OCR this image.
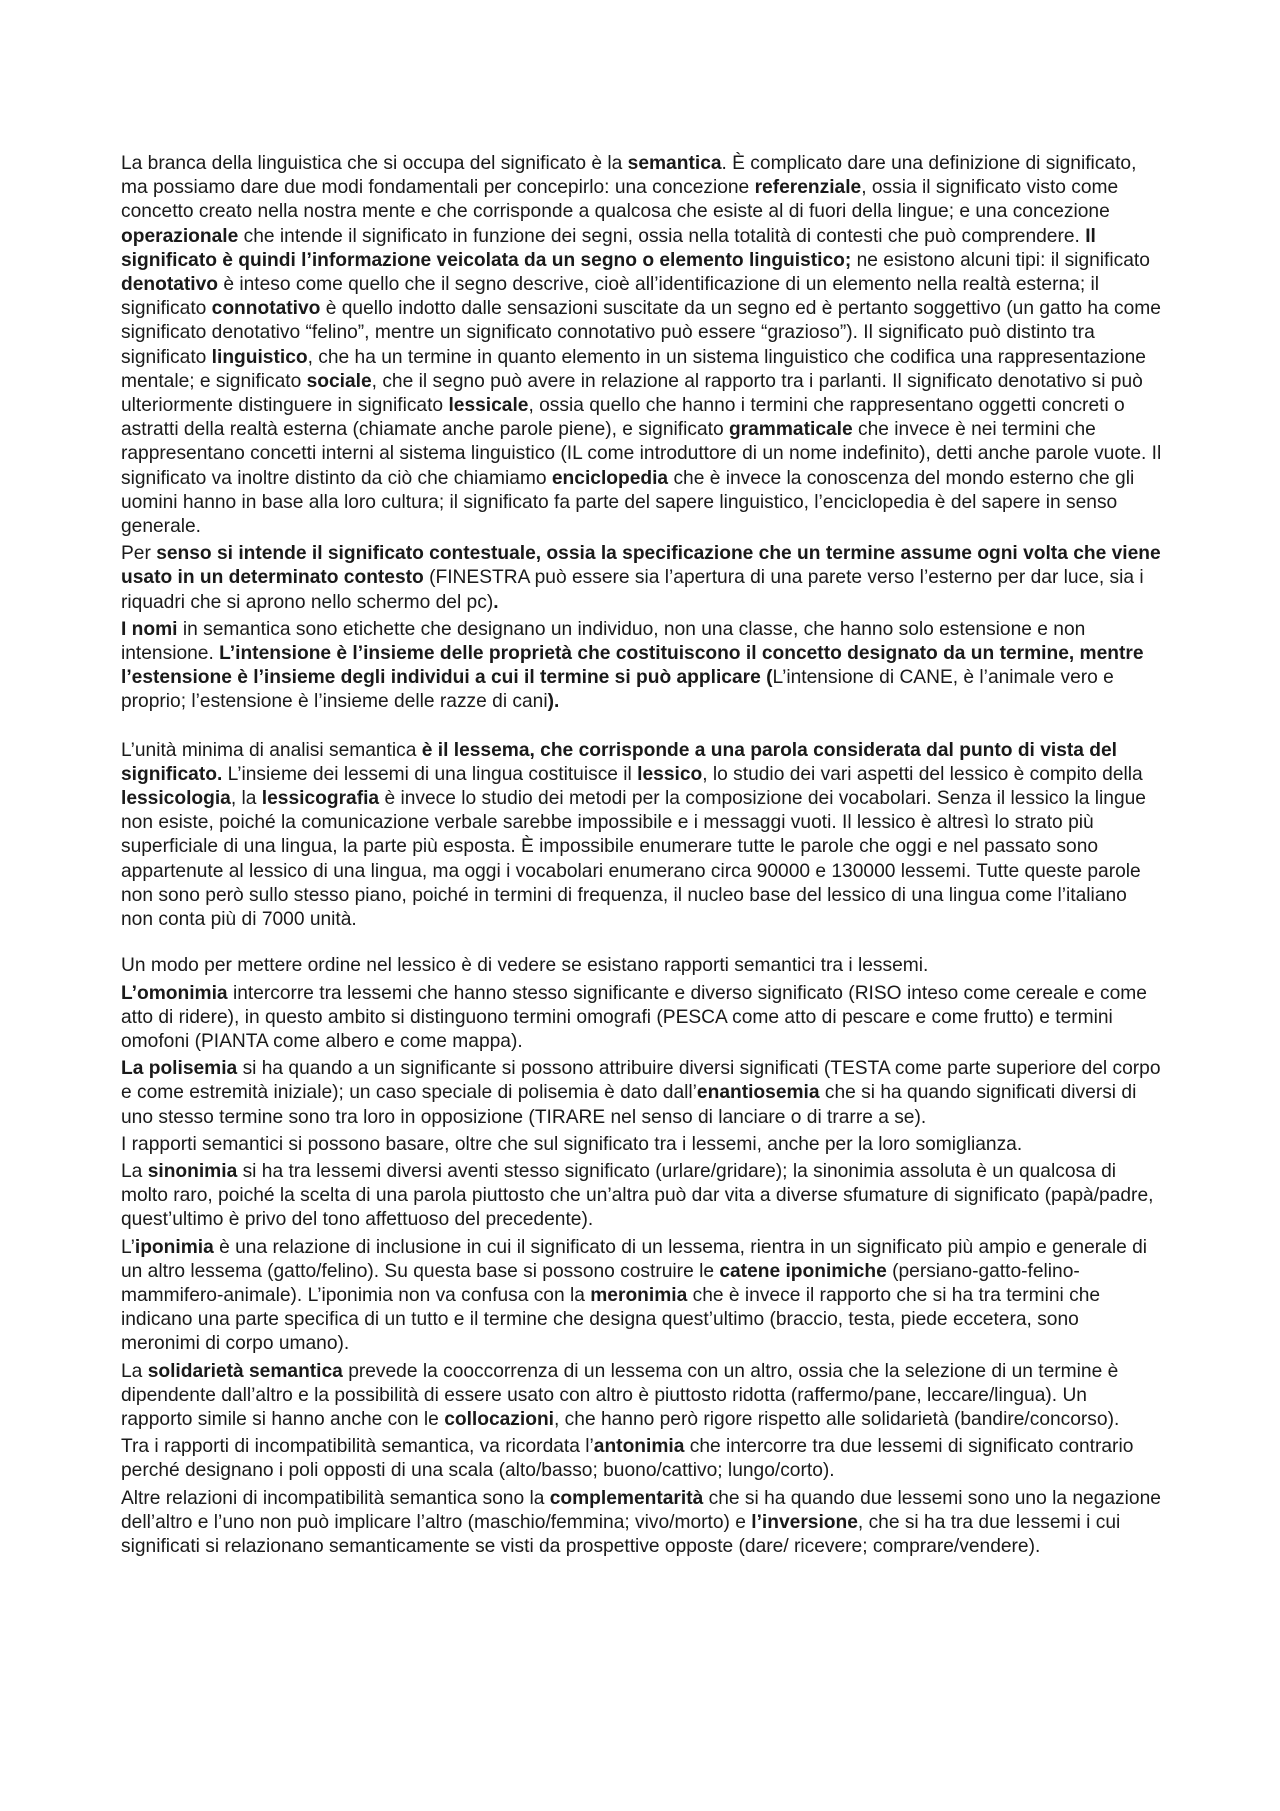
La branca della linguistica che si occupa del significato è la semantica. È complicato dare una definizione di significato, ma possiamo dare due modi fondamentali per concepirlo: una concezione referenziale, ossia il significato visto come concetto creato nella nostra mente e che corrisponde a qualcosa che esiste al di fuori della lingue; e una concezione operazionale che intende il significato in funzione dei segni, ossia nella totalità di contesti che può comprendere. Il significato è quindi l’informazione veicolata da un segno o elemento linguistico; ne esistono alcuni tipi: il significato denotativo è inteso come quello che il segno descrive, cioè all’identificazione di un elemento nella realtà esterna; il significato connotativo è quello indotto dalle sensazioni suscitate da un segno ed è pertanto soggettivo (un gatto ha come significato denotativo “felino”, mentre un significato connotativo può essere “grazioso”). Il significato può distinto tra significato linguistico, che ha un termine in quanto elemento in un sistema linguistico che codifica una rappresentazione mentale; e significato sociale, che il segno può avere in relazione al rapporto tra i parlanti. Il significato denotativo si può ulteriormente distinguere in significato lessicale, ossia quello che hanno i termini che rappresentano oggetti concreti o astratti della realtà esterna (chiamate anche parole piene), e significato grammaticale che invece è nei termini che rappresentano concetti interni al sistema linguistico (IL come introduttore di un nome indefinito), detti anche parole vuote. Il significato va inoltre distinto da ciò che chiamiamo enciclopedia che è invece la conoscenza del mondo esterno che gli uomini hanno in base alla loro cultura; il significato fa parte del sapere linguistico, l’enciclopedia è del sapere in senso generale.

Per senso si intende il significato contestuale, ossia la specificazione che un termine assume ogni volta che viene usato in un determinato contesto (FINESTRA può essere sia l’apertura di una parete verso l’esterno per dar luce, sia i riquadri che si aprono nello schermo del pc).

I nomi in semantica sono etichette che designano un individuo, non una classe, che hanno solo estensione e non intensione. L’intensione è l’insieme delle proprietà che costituiscono il concetto designato da un termine, mentre l’estensione è l’insieme degli individui a cui il termine si può applicare (L’intensione di CANE, è l’animale vero e proprio; l’estensione è l’insieme delle razze di cani).

L’unità minima di analisi semantica è il lessema, che corrisponde a una parola considerata dal punto di vista del significato. L’insieme dei lessemi di una lingua costituisce il lessico, lo studio dei vari aspetti del lessico è compito della lessicologia, la lessicografia è invece lo studio dei metodi per la composizione dei vocabolari. Senza il lessico la lingue non esiste, poiché la comunicazione verbale sarebbe impossibile e i messaggi vuoti. Il lessico è altresì lo strato più superficiale di una lingua, la parte più esposta. È impossibile enumerare tutte le parole che oggi e nel passato sono appartenute al lessico di una lingua, ma oggi i vocabolari enumerano circa 90000 e 130000 lessemi. Tutte queste parole non sono però sullo stesso piano, poiché in termini di frequenza, il nucleo base del lessico di una lingua come l’italiano non conta più di 7000 unità.

Un modo per mettere ordine nel lessico è di vedere se esistano rapporti semantici tra i lessemi.

L’omonimia intercorre tra lessemi che hanno stesso significante e diverso significato (RISO inteso come cereale e come atto di ridere), in questo ambito si distinguono termini omografi (PESCA come atto di pescare e come frutto) e termini omofoni (PIANTA come albero e come mappa).

La polisemia si ha quando a un significante si possono attribuire diversi significati (TESTA come parte superiore del corpo e come estremità iniziale); un caso speciale di polisemia è dato dall’enantiosemia che si ha quando significati diversi di uno stesso termine sono tra loro in opposizione (TIRARE nel senso di lanciare o di trarre a se).

I rapporti semantici si possono basare, oltre che sul significato tra i lessemi, anche per la loro somiglianza.

La sinonimia si ha tra lessemi diversi aventi stesso significato (urlare/gridare); la sinonimia assoluta è un qualcosa di molto raro, poiché la scelta di una parola piuttosto che un’altra può dar vita a diverse sfumature di significato (papà/padre, quest’ultimo è privo del tono affettuoso del precedente).

L’iponimia è una relazione di inclusione in cui il significato di un lessema, rientra in un significato più ampio e generale di un altro lessema (gatto/felino). Su questa base si possono costruire le catene iponimiche (persiano-gatto-felino-mammifero-animale). L’iponimia non va confusa con la meronimia che è invece il rapporto che si ha tra termini che indicano una parte specifica di un tutto e il termine che designa quest’ultimo (braccio, testa, piede eccetera, sono meronimi di corpo umano).

La solidarietà semantica prevede la cooccorrenza di un lessema con un altro, ossia che la selezione di un termine è dipendente dall’altro e la possibilità di essere usato con altro è piuttosto ridotta (raffermo/pane, leccare/lingua). Un rapporto simile si hanno anche con le collocazioni, che hanno però rigore rispetto alle solidarietà (bandire/concorso).

Tra i rapporti di incompatibilità semantica, va ricordata l’antonimia che intercorre tra due lessemi di significato contrario perché designano i poli opposti di una scala (alto/basso; buono/cattivo; lungo/corto).

Altre relazioni di incompatibilità semantica sono la complementarità che si ha quando due lessemi sono uno la negazione dell’altro e l’uno non può implicare l’altro (maschio/femmina; vivo/morto) e l’inversione, che si ha tra due lessemi i cui significati si relazionano semanticamente se visti da prospettive opposte (dare/ ricevere; comprare/vendere).
